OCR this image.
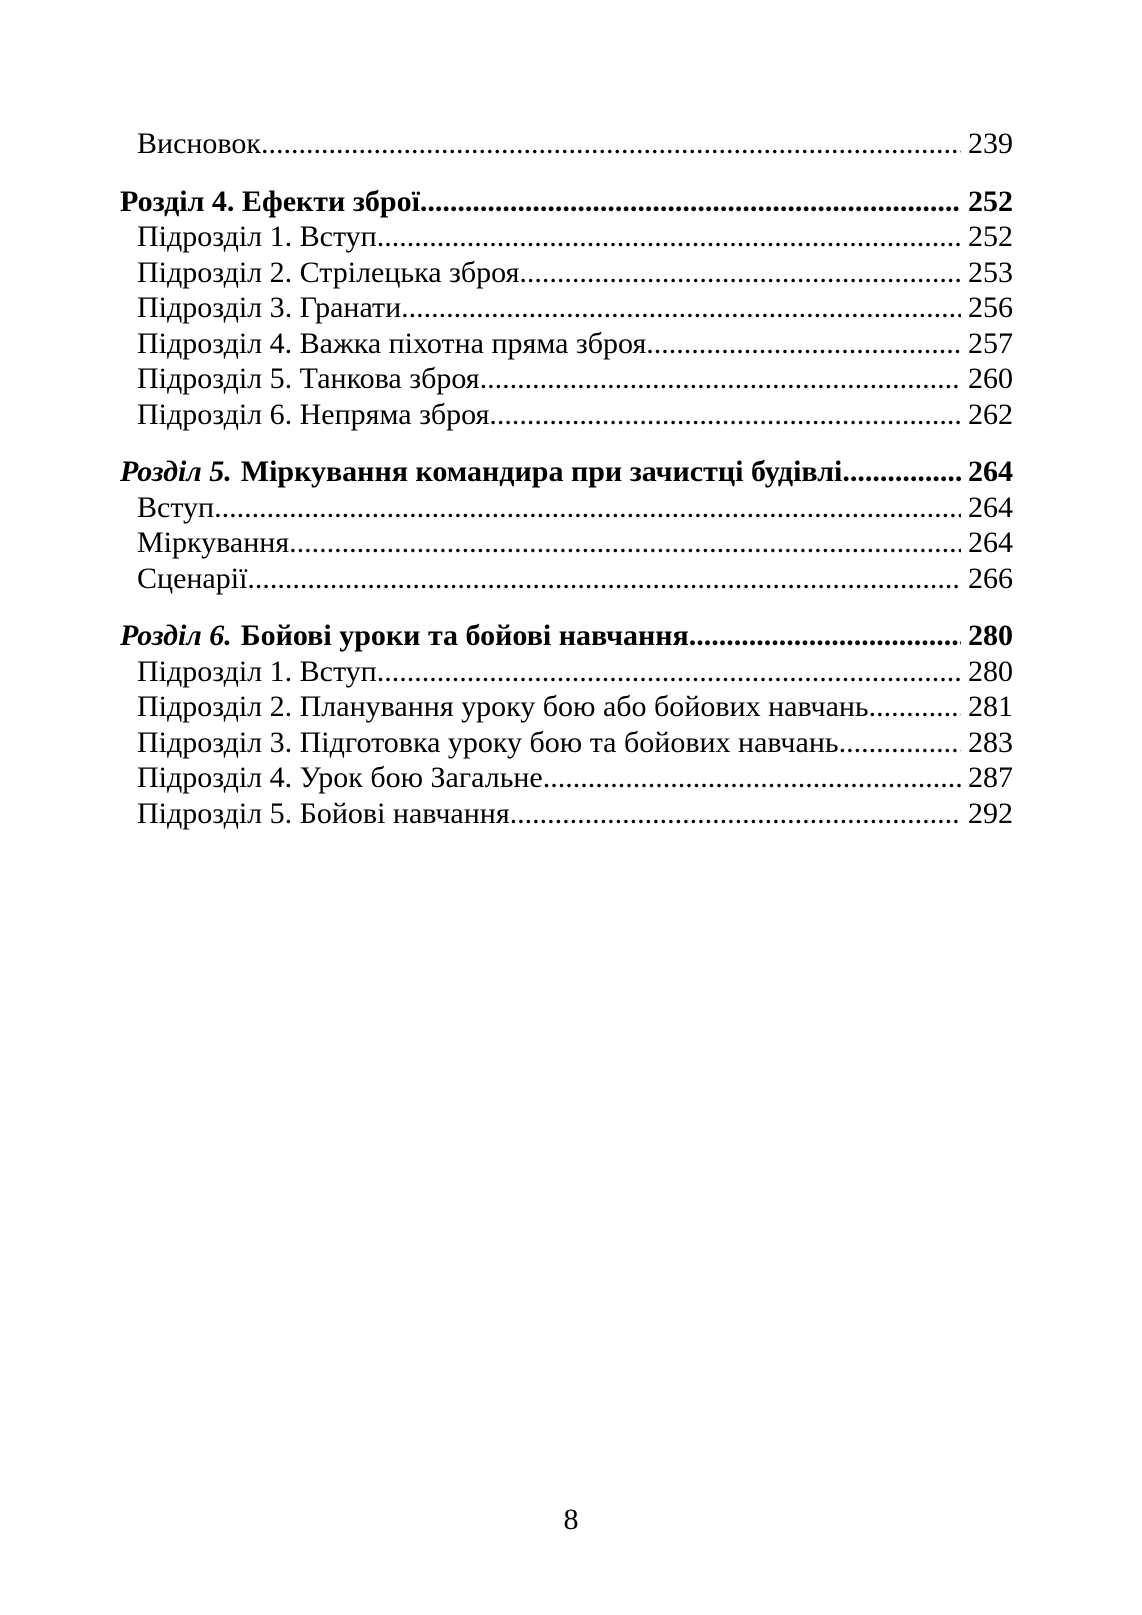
Висновок .....	239
Розділ 4. Ефекти зброї .....	252
Підрозділ 1. Вступ .....	252
Підрозділ 2. Стрілецька зброя .....	253
Підрозділ 3. Гранати .....	256
Підрозділ 4. Важка піхотна пряма зброя .....	257
Підрозділ 5. Танкова зброя .....	260
Підрозділ 6. Непряма зброя .....	262
Розділ 5. Міркування командира при зачистці будівлі .....	264
Вступ .....	264
Міркування .....	264
Сценарії .....	266
Розділ 6. Бойові уроки та бойові навчання .....	280
Підрозділ 1. Вступ .....	280
Підрозділ 2. Планування уроку бою або бойових навчань .....	281
Підрозділ 3. Підготовка уроку бою та бойових навчань .....	283
Підрозділ 4. Урок бою Загальне .....	287
Підрозділ 5. Бойові навчання .....	292
8
